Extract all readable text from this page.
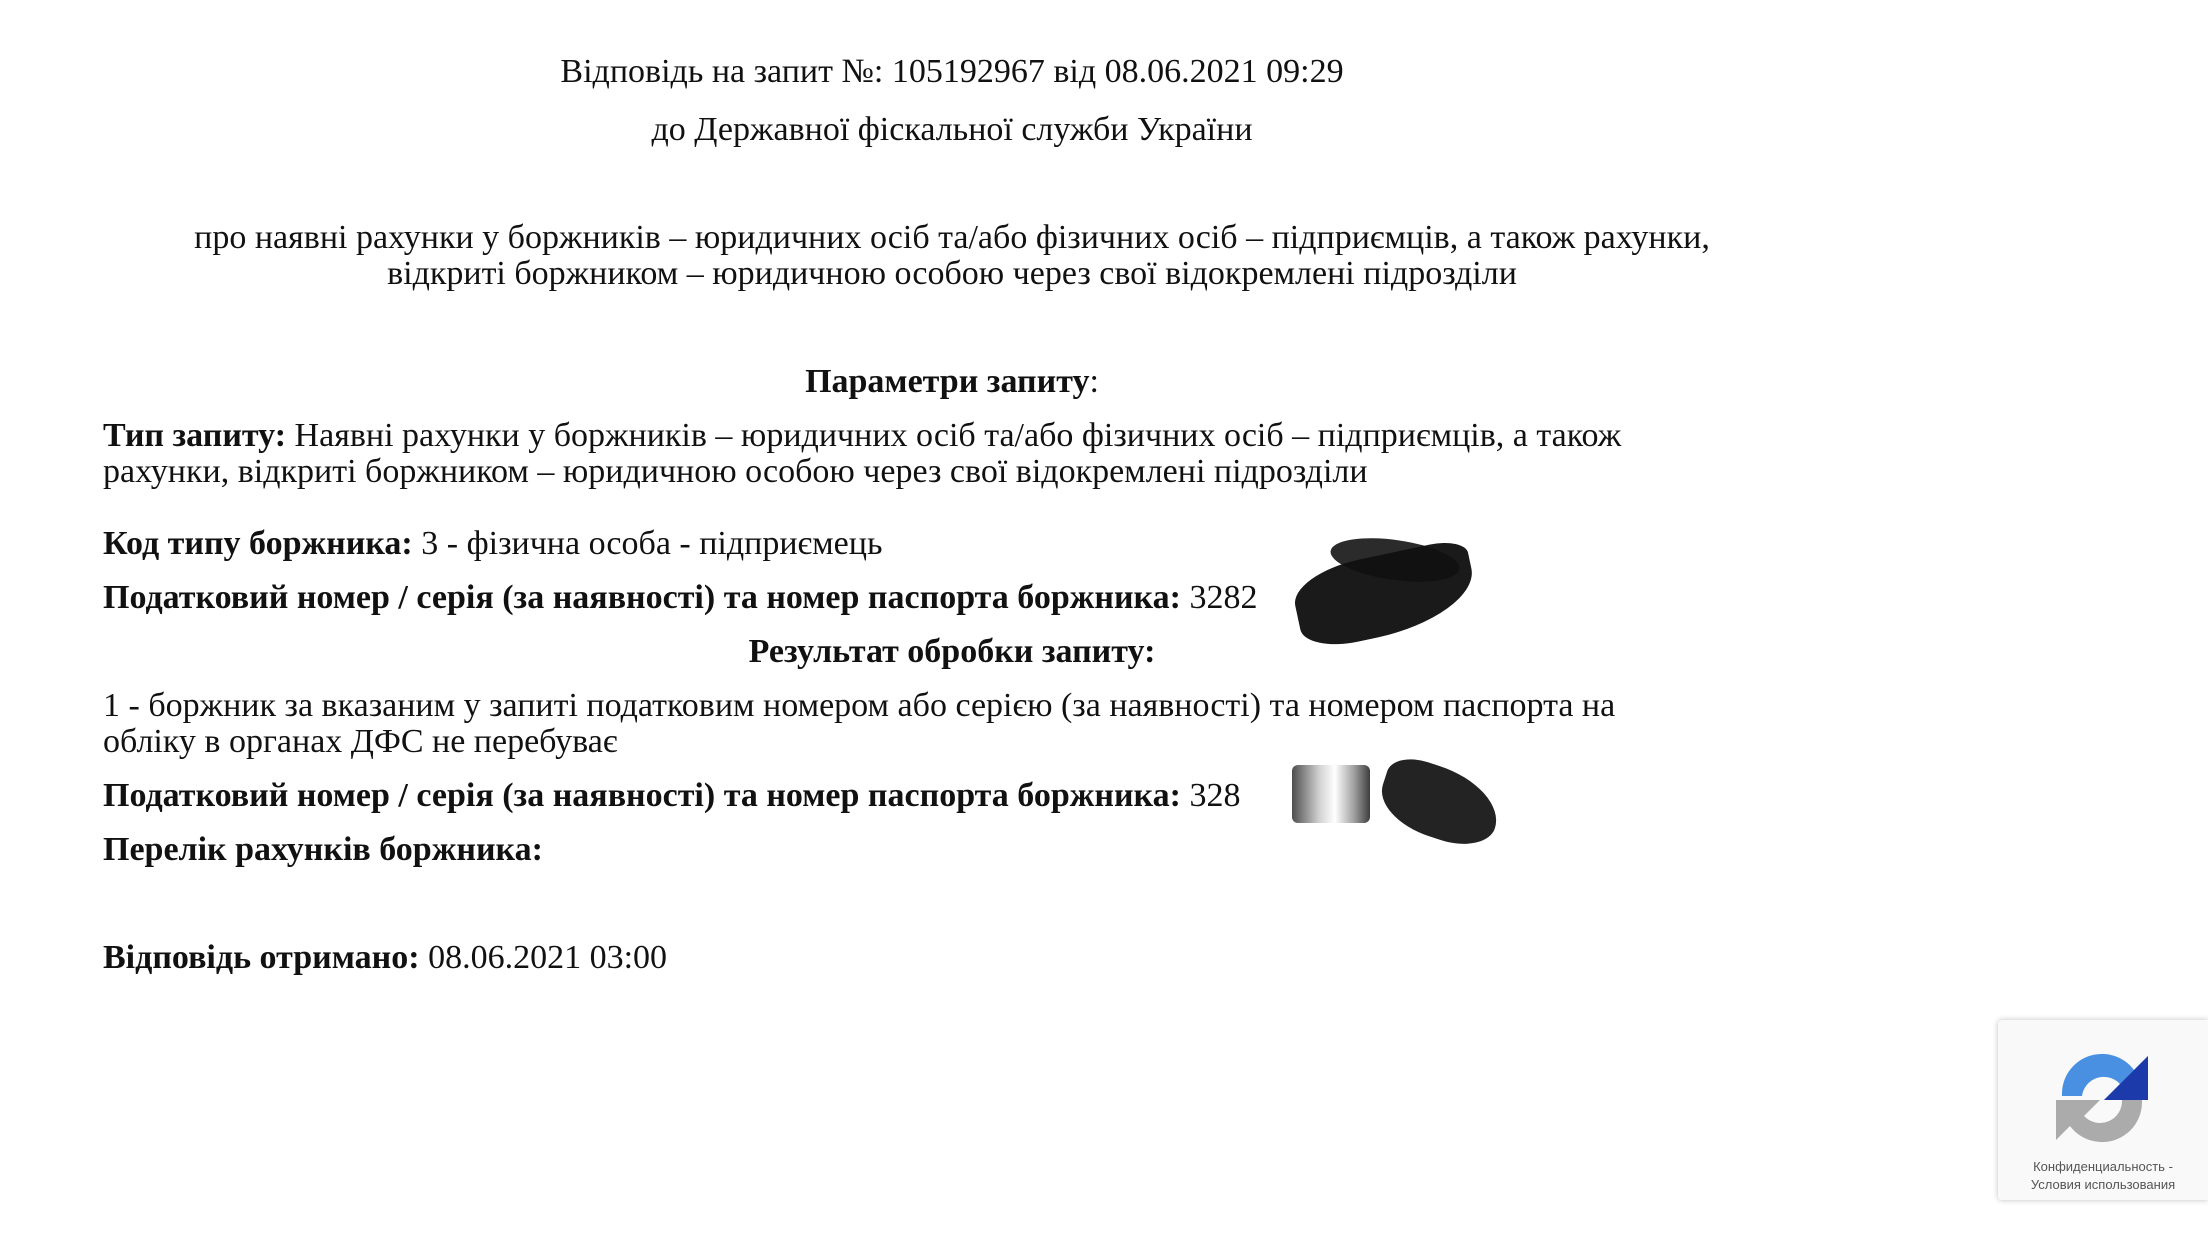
Відповідь на запит №: 105192967 від 08.06.2021 09:29
до Державної фіскальної служби України
про наявні рахунки у боржників – юридичних осіб та/або фізичних осіб – підприємців, а також рахунки,
відкриті боржником – юридичною особою через свої відокремлені підрозділи
Параметри запиту:
Тип запиту: Наявні рахунки у боржників – юридичних осіб та/або фізичних осіб – підприємців, а також
рахунки, відкриті боржником – юридичною особою через свої відокремлені підрозділи
Код типу боржника: 3 - фізична особа - підприємець
Податковий номер / серія (за наявності) та номер паспорта боржника: 3282
Результат обробки запиту:
1 - боржник за вказаним у запиті податковим номером або серією (за наявності) та номером паспорта на
обліку в органах ДФС не перебуває
Податковий номер / серія (за наявності) та номер паспорта боржника: 328
Перелік рахунків боржника:
Відповідь отримано: 08.06.2021 03:00
Конфиденциальность -
Условия использования
